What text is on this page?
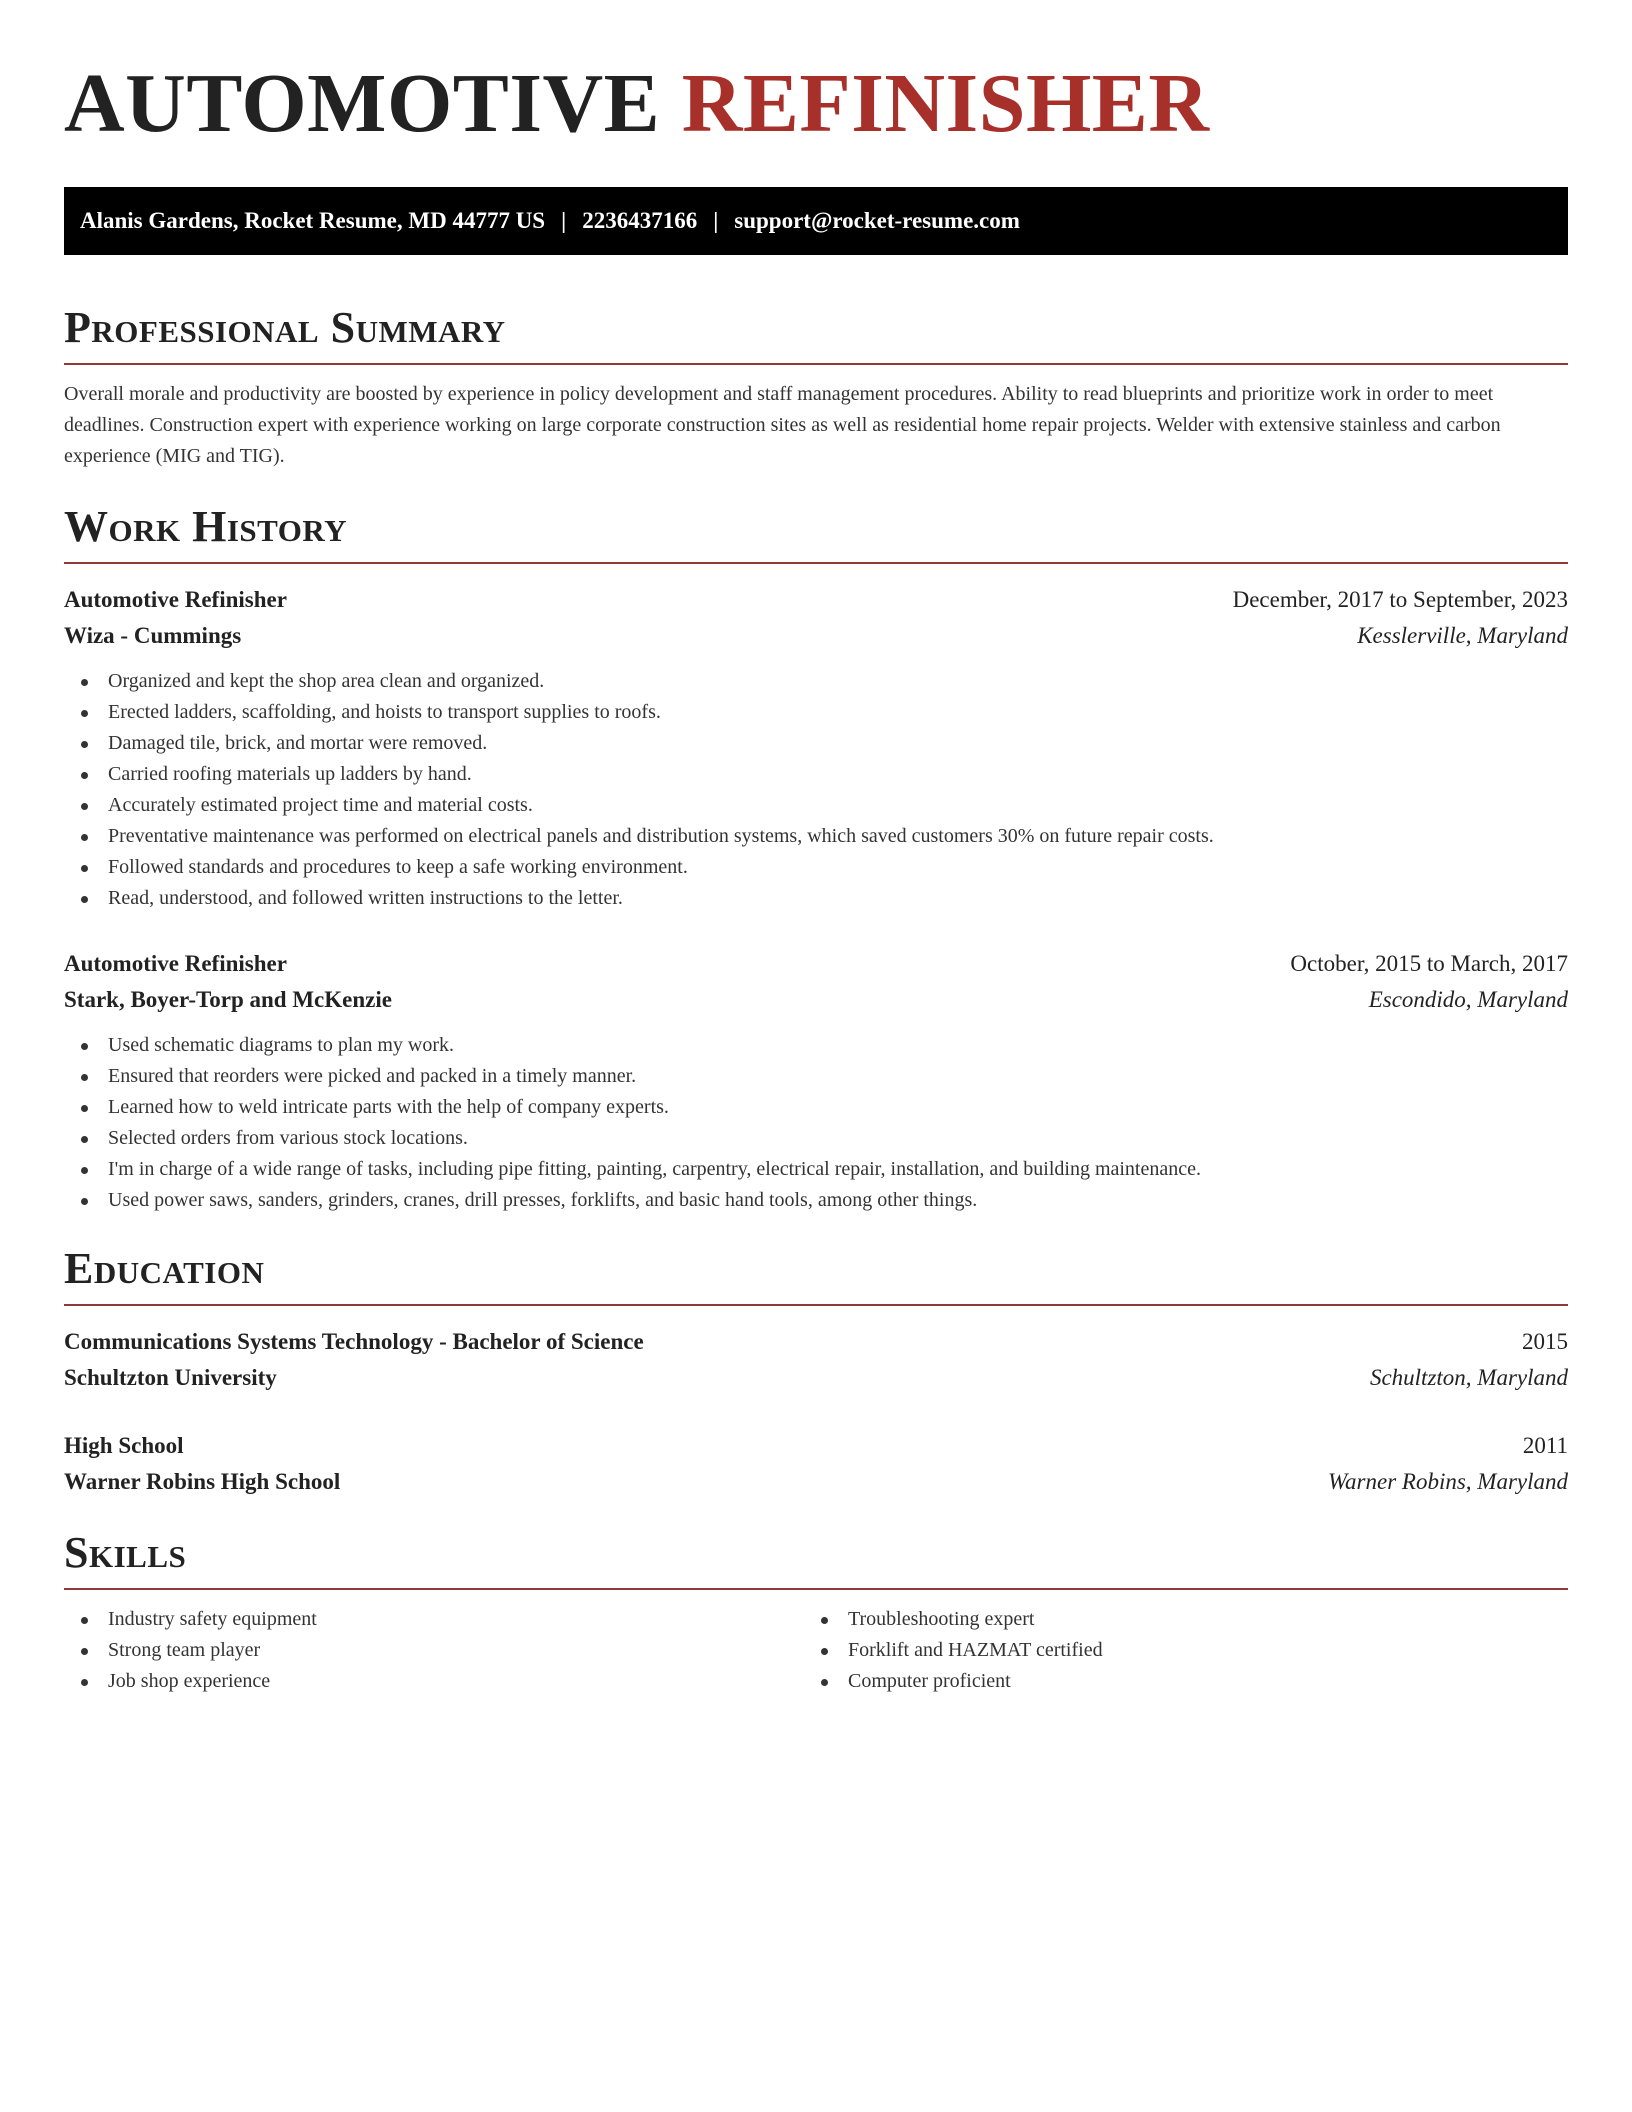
AUTOMOTIVE REFINISHER
Alanis Gardens, Rocket Resume, MD 44777 US | 2236437166 | support@rocket-resume.com
Professional Summary

Overall morale and productivity are boosted by experience in policy development and staff management procedures. Ability to read blueprints and prioritize work in order to meet deadlines. Construction expert with experience working on large corporate construction sites as well as residential home repair projects. Welder with extensive stainless and carbon experience (MIG and TIG).

Work History
Automotive Refinisher	December, 2017 to September, 2023
Wiza - Cummings	Kesslerville, Maryland
Organized and kept the shop area clean and organized.
Erected ladders, scaffolding, and hoists to transport supplies to roofs.
Damaged tile, brick, and mortar were removed.
Carried roofing materials up ladders by hand.
Accurately estimated project time and material costs.
Preventative maintenance was performed on electrical panels and distribution systems, which saved customers 30% on future repair costs.
Followed standards and procedures to keep a safe working environment.
Read, understood, and followed written instructions to the letter.
Automotive Refinisher	October, 2015 to March, 2017
Stark, Boyer-Torp and McKenzie	Escondido, Maryland
Used schematic diagrams to plan my work.
Ensured that reorders were picked and packed in a timely manner.
Learned how to weld intricate parts with the help of company experts.
Selected orders from various stock locations.
I'm in charge of a wide range of tasks, including pipe fitting, painting, carpentry, electrical repair, installation, and building maintenance.
Used power saws, sanders, grinders, cranes, drill presses, forklifts, and basic hand tools, among other things.
Education
Communications Systems Technology - Bachelor of Science	2015
Schultzton University	Schultzton, Maryland
High School	2011
Warner Robins High School	Warner Robins, Maryland
Skills
Industry safety equipment
Strong team player
Job shop experience
Troubleshooting expert
Forklift and HAZMAT certified
Computer proficient
